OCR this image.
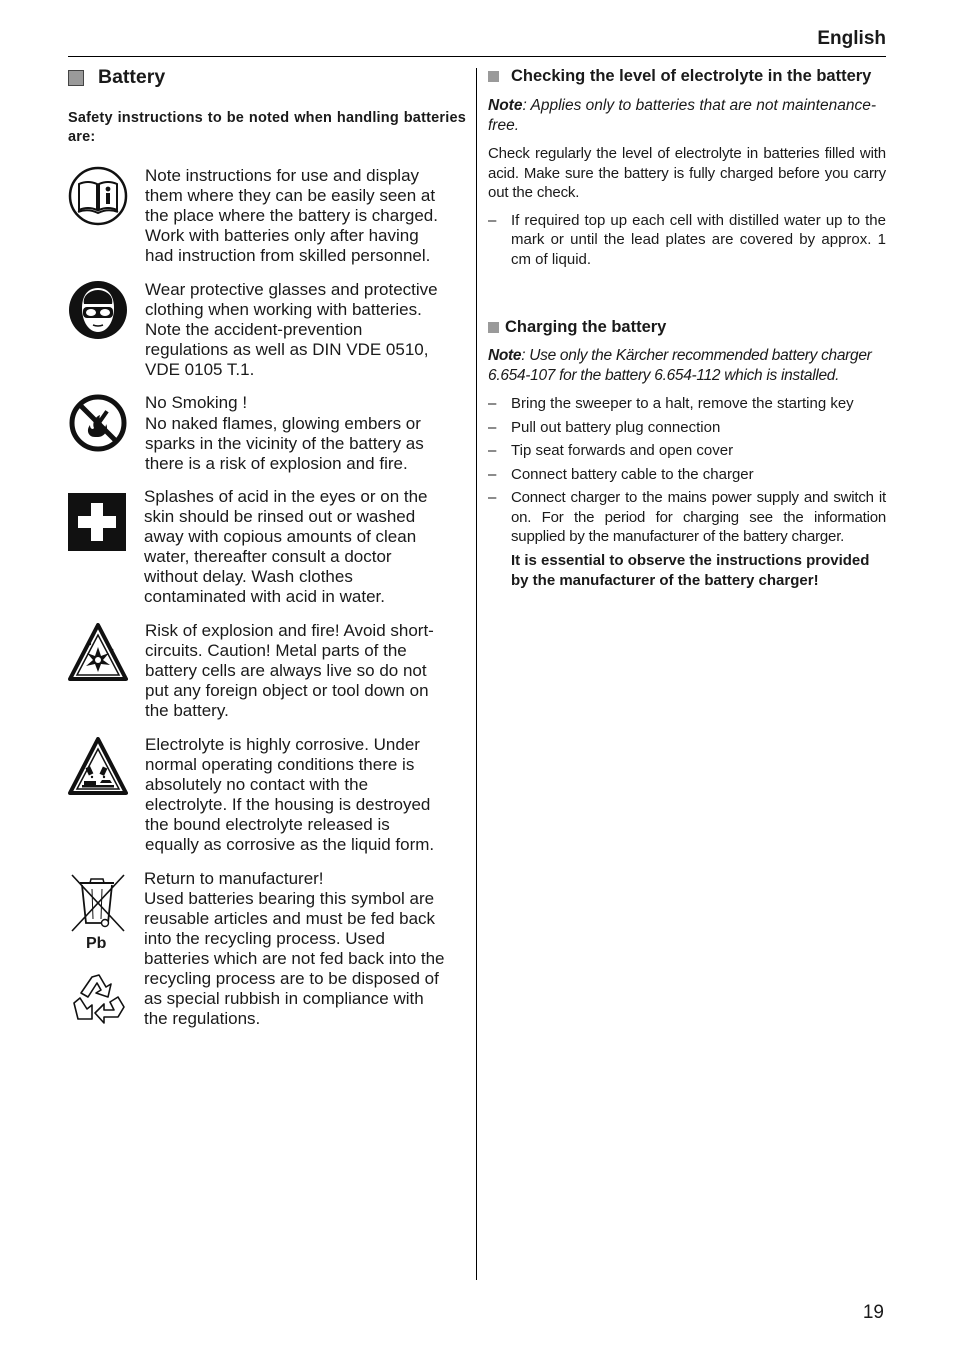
English
Battery
Safety instructions to be noted when handling batteries are:
Note instructions for use and display
them where they can be easily seen at
the place where the battery is charged.
Work with batteries only after having
had instruction from skilled personnel.
Wear protective glasses and protective
clothing when working with batteries.
Note the accident-prevention
regulations as well as DIN VDE 0510,
VDE 0105 T.1.
No Smoking !
No naked flames, glowing embers or
sparks in the vicinity of the battery as
there is a risk of explosion and fire.
Splashes of acid in the eyes or on the
skin should be rinsed out or washed
away with copious amounts of clean
water, thereafter consult a doctor
without delay. Wash clothes
contaminated with acid in water.
Risk of explosion and fire! Avoid short-
circuits. Caution! Metal parts of the
battery cells are always live so do not
put any foreign object or tool down on
the battery.
Electrolyte is highly corrosive. Under
normal operating conditions there is
absolutely no contact with the
electrolyte. If the housing is destroyed
the bound electrolyte released is
equally as corrosive as the liquid form.
Pb
Return to manufacturer!
Used batteries bearing this symbol are
reusable articles and must be fed back
into the recycling process. Used
batteries which are not fed back into the
recycling process are to be disposed of
as special rubbish in compliance with
the regulations.
Checking the level of electrolyte in the battery
Note: Applies only to batteries that are not maintenance-free.
Check regularly the level of electrolyte in batteries filled with acid. Make sure the battery is fully charged before you carry out the check.
– If required top up each cell with distilled water up to the mark or until the lead plates are covered by approx. 1 cm of liquid.
Charging the battery
Note: Use only the Kärcher recommended battery charger 6.654-107 for the battery 6.654-112 which is installed.
– Bring the sweeper to a halt, remove the starting key
– Pull out battery plug connection
– Tip seat forwards and open cover
– Connect battery cable to the charger
– Connect charger to the mains power supply and switch it on. For the period for charging see the information supplied by the manufacturer of the battery charger.
It is essential to observe the instructions provided by the manufacturer of the battery charger!
19
